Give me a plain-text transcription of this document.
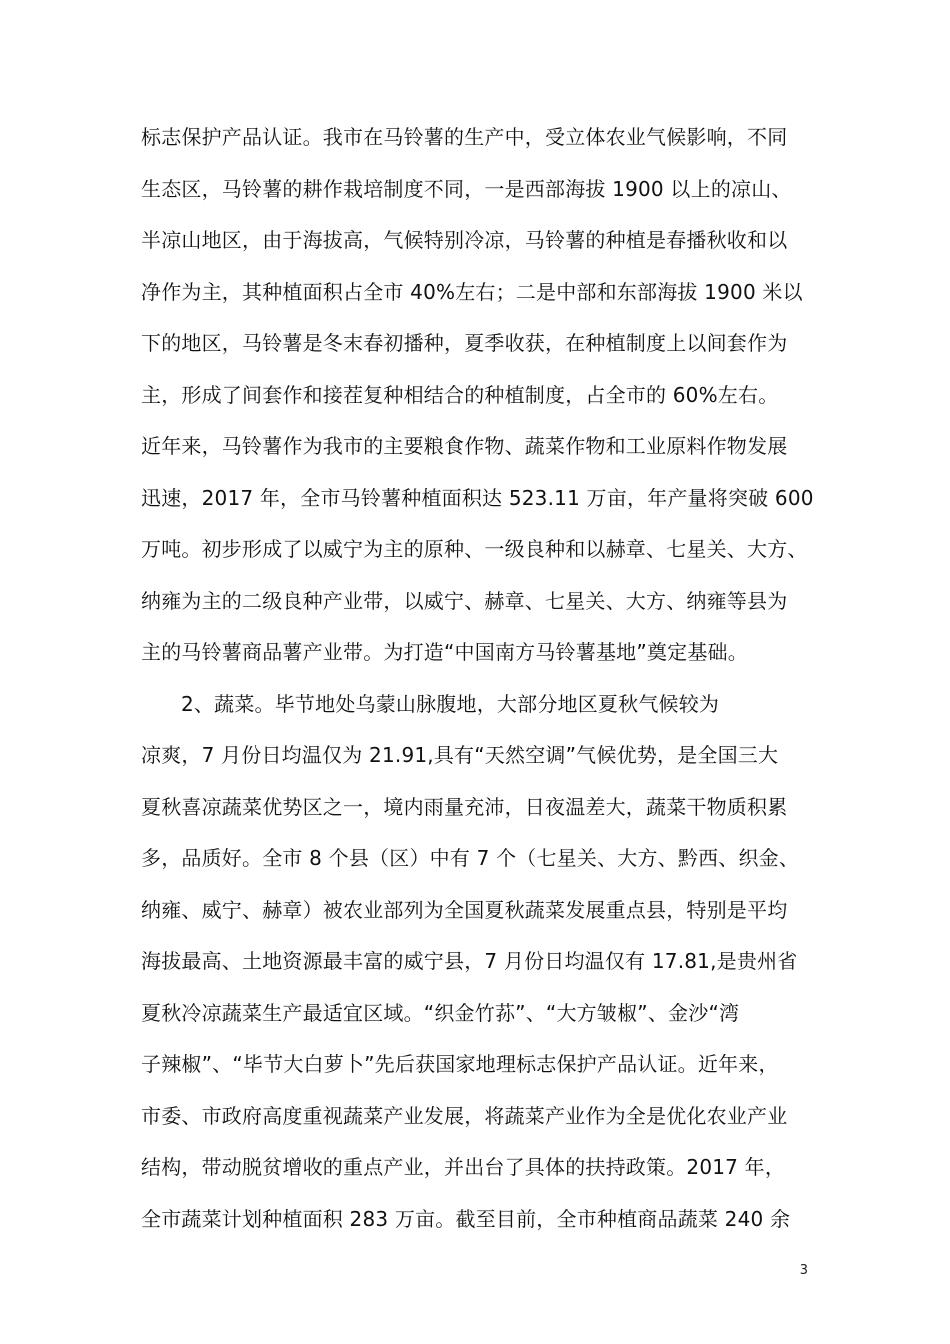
标志保护产品认证。我市在马铃薯的生产中，受立体农业气候影响，不同
生态区，马铃薯的耕作栽培制度不同，一是西部海拔 1900 以上的凉山、
半凉山地区，由于海拔高，气候特别冷凉，马铃薯的种植是春播秋收和以
净作为主，其种植面积占全市 40%左右；二是中部和东部海拔 1900 米以
下的地区，马铃薯是冬末春初播种，夏季收获，在种植制度上以间套作为
主，形成了间套作和接茬复种相结合的种植制度，占全市的 60%左右。
近年来，马铃薯作为我市的主要粮食作物、蔬菜作物和工业原料作物发展
迅速，2017 年，全市马铃薯种植面积达 523.11 万亩，年产量将突破 600
万吨。初步形成了以威宁为主的原种、一级良种和以赫章、七星关、大方、
纳雍为主的二级良种产业带，以威宁、赫章、七星关、大方、纳雍等县为
主的马铃薯商品薯产业带。为打造“中国南方马铃薯基地”奠定基础。
2、蔬菜。毕节地处乌蒙山脉腹地，大部分地区夏秋气候较为
凉爽，7 月份日均温仅为 21.91,具有“天然空调”气候优势，是全国三大
夏秋喜凉蔬菜优势区之一，境内雨量充沛，日夜温差大，蔬菜干物质积累
多，品质好。全市 8 个县（区）中有 7 个（七星关、大方、黔西、织金、
纳雍、威宁、赫章）被农业部列为全国夏秋蔬菜发展重点县，特别是平均
海拔最高、土地资源最丰富的威宁县，7 月份日均温仅有 17.81,是贵州省
夏秋冷凉蔬菜生产最适宜区域。“织金竹荪”、“大方皱椒”、金沙“湾
子辣椒”、“毕节大白萝卜”先后获国家地理标志保护产品认证。近年来，
市委、市政府高度重视蔬菜产业发展，将蔬菜产业作为全是优化农业产业
结构，带动脱贫增收的重点产业，并出台了具体的扶持政策。2017 年，
全市蔬菜计划种植面积 283 万亩。截至目前，全市种植商品蔬菜 240 余
3
